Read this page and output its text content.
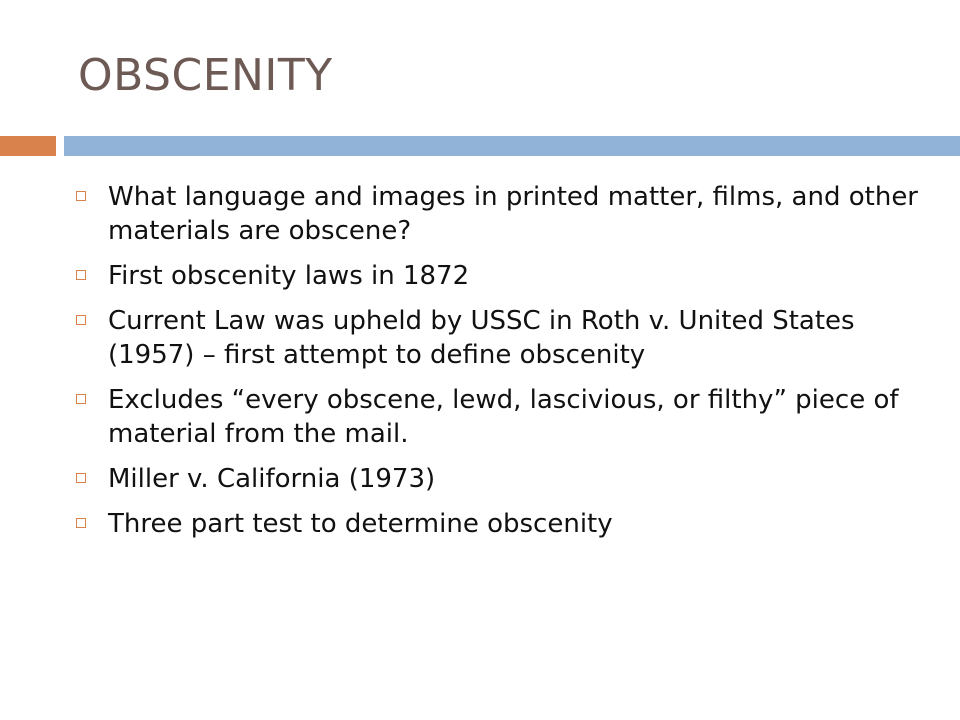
OBSCENITY
What language and images in printed matter, films, and other materials are obscene?
First obscenity laws in 1872
Current Law was upheld by USSC in Roth v. United States (1957) – first attempt to define obscenity
Excludes “every obscene, lewd, lascivious, or filthy” piece of material from the mail.
Miller v. California (1973)
Three part test to determine obscenity
